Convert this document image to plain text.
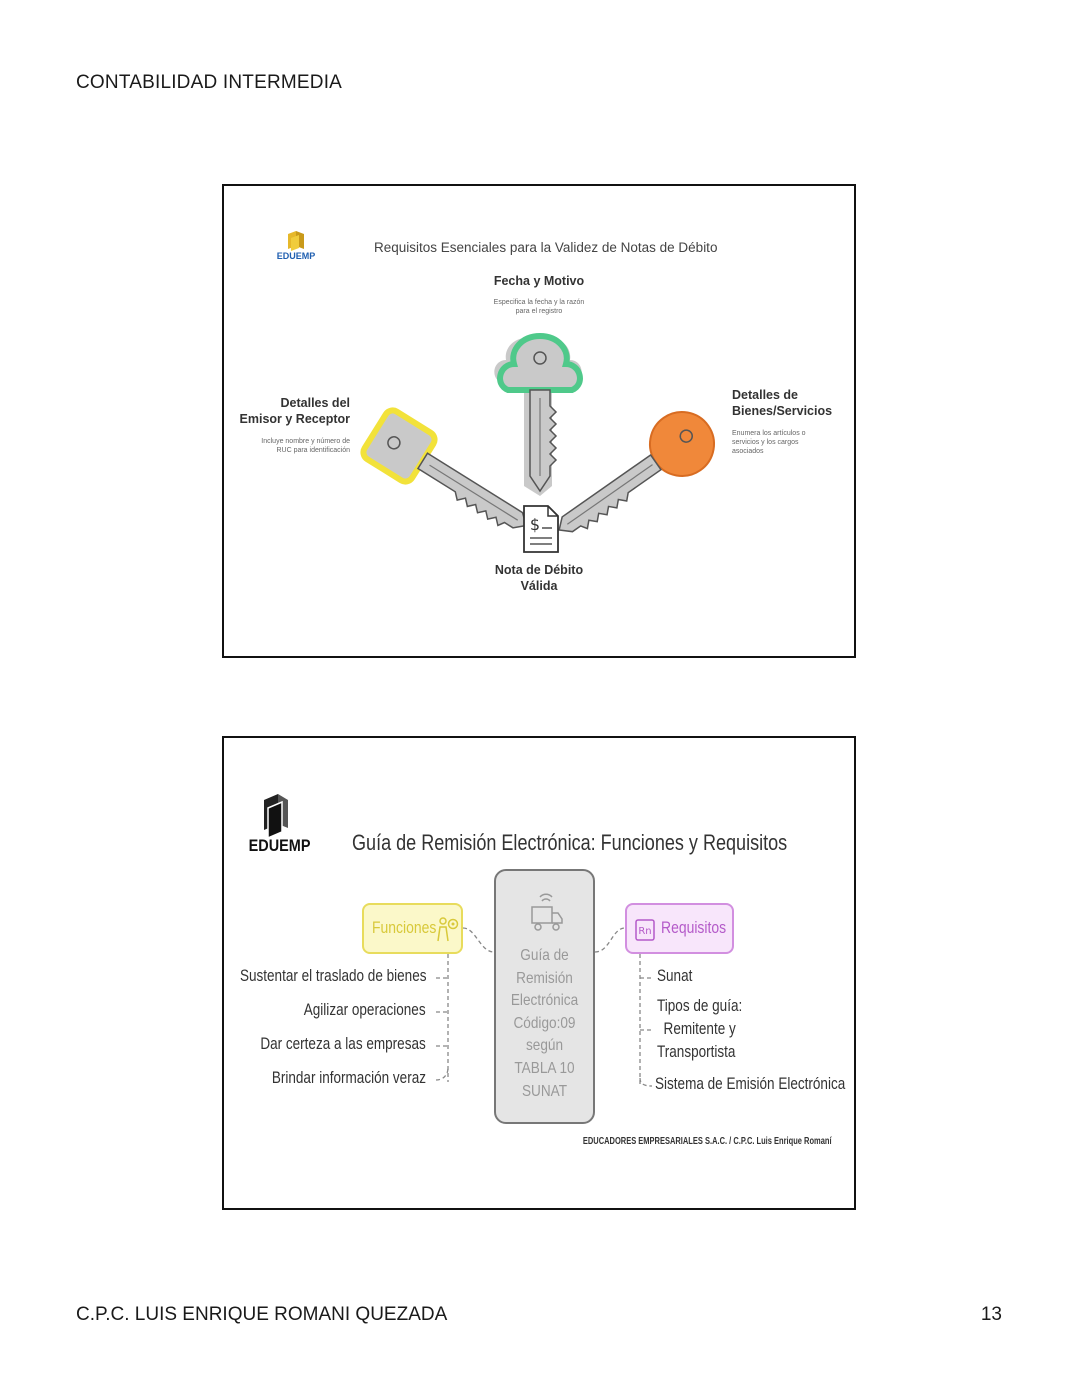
CONTABILIDAD INTERMEDIA
EDUEMP
Requisitos Esenciales para la Validez de Notas de Débito
Fecha y Motivo
Especifica la fecha y la razón
para el registro
Detalles del
Emisor y Receptor
Incluye nombre y número de
RUC para identificación
Detalles de
Bienes/Servicios
Enumera los artículos o
servicios y los cargos
asociados
$
Nota de Débito
Válida
EDUEMP Guía de Remisión Electrónica: Funciones y Requisitos
Funciones	Rn Requisitos
Guía de
Remisión
Electrónica
Código:09
según
TABLA 10
SUNAT
Sustentar el traslado de bienes
Agilizar operaciones
Dar certeza a las empresas
Brindar información veraz
Sunat
Tipos de guía:
Remitente y
Transportista
Sistema de Emisión Electrónica
EDUCADORES EMPRESARIALES S.A.C. / C.P.C. Luis Enrique Romaní
C.P.C. LUIS ENRIQUE ROMANI QUEZADA	13
